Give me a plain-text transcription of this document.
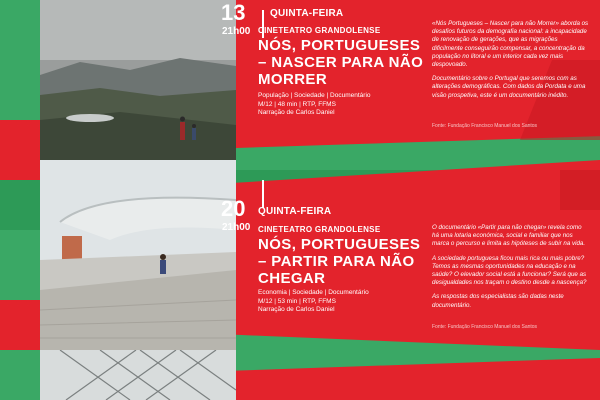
13
21h00
QUINTA-FEIRA
CINETEATRO GRANDOLENSE
NÓS, PORTUGUESES
– NASCER PARA NÃO
MORRER
População | Sociedade | Documentário
M/12 | 48 min | RTP, FFMS
Narração de Carlos Daniel

«Nós Portugueses – Nascer para não Morrer» aborda os desafios futuros da demografia nacional: a incapacidade de renovação de gerações, que as migrações dificilmente conseguirão compensar, a concentração da população no litoral e um interior cada vez mais despovoado.

Documentário sobre o Portugal que seremos com as alterações demográficas. Com dados da Pordata e uma visão prospetiva, este é um documentário inédito.

Fonte: Fundação Francisco Manuel dos Santos
20
21h00
QUINTA-FEIRA
CINETEATRO GRANDOLENSE
NÓS, PORTUGUESES
– PARTIR PARA NÃO
CHEGAR
Economia | Sociedade | Documentário
M/12 | 53 min | RTP, FFMS
Narração de Carlos Daniel

O documentário «Partir para não chegar» revela como há uma lotaria económica, social e familiar que nos marca o percurso e limita as hipóteses de subir na vida.

A sociedade portuguesa ficou mais rica ou mais pobre? Temos as mesmas oportunidades na educação e na saúde? O elevador social está a funcionar? Será que as desigualdades nos traçam o destino desde a nascença?

As respostas dos especialistas são dadas neste documentário.

Fonte: Fundação Francisco Manuel dos Santos
